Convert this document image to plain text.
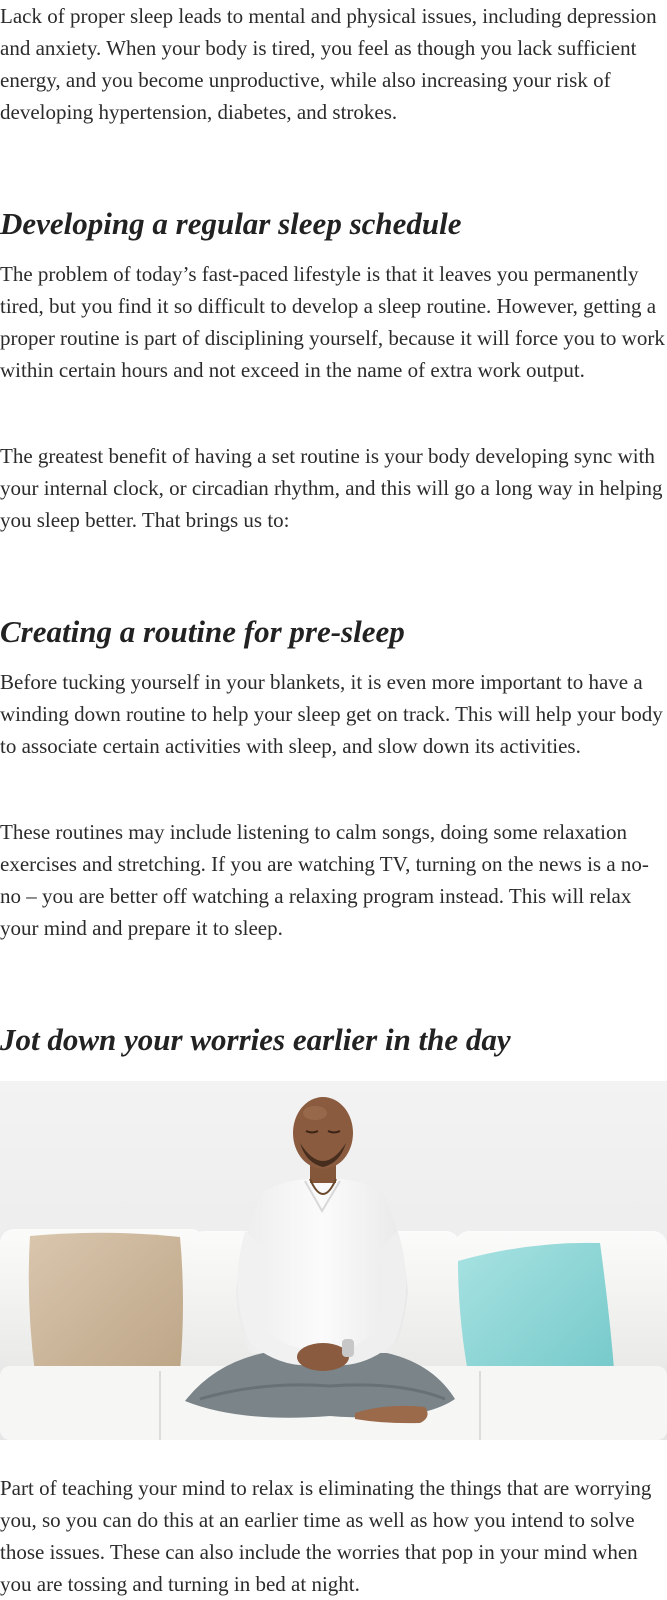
Lack of proper sleep leads to mental and physical issues, including depression and anxiety. When your body is tired, you feel as though you lack sufficient energy, and you become unproductive, while also increasing your risk of developing hypertension, diabetes, and strokes.

Developing a regular sleep schedule

The problem of today’s fast-paced lifestyle is that it leaves you permanently tired, but you find it so difficult to develop a sleep routine. However, getting a proper routine is part of disciplining yourself, because it will force you to work within certain hours and not exceed in the name of extra work output.

The greatest benefit of having a set routine is your body developing sync with your internal clock, or circadian rhythm, and this will go a long way in helping you sleep better. That brings us to:

Creating a routine for pre-sleep

Before tucking yourself in your blankets, it is even more important to have a winding down routine to help your sleep get on track. This will help your body to associate certain activities with sleep, and slow down its activities.

These routines may include listening to calm songs, doing some relaxation exercises and stretching. If you are watching TV, turning on the news is a no-no – you are better off watching a relaxing program instead. This will relax your mind and prepare it to sleep.

Jot down your worries earlier in the day

Part of teaching your mind to relax is eliminating the things that are worrying you, so you can do this at an earlier time as well as how you intend to solve those issues. These can also include the worries that pop in your mind when you are tossing and turning in bed at night.
